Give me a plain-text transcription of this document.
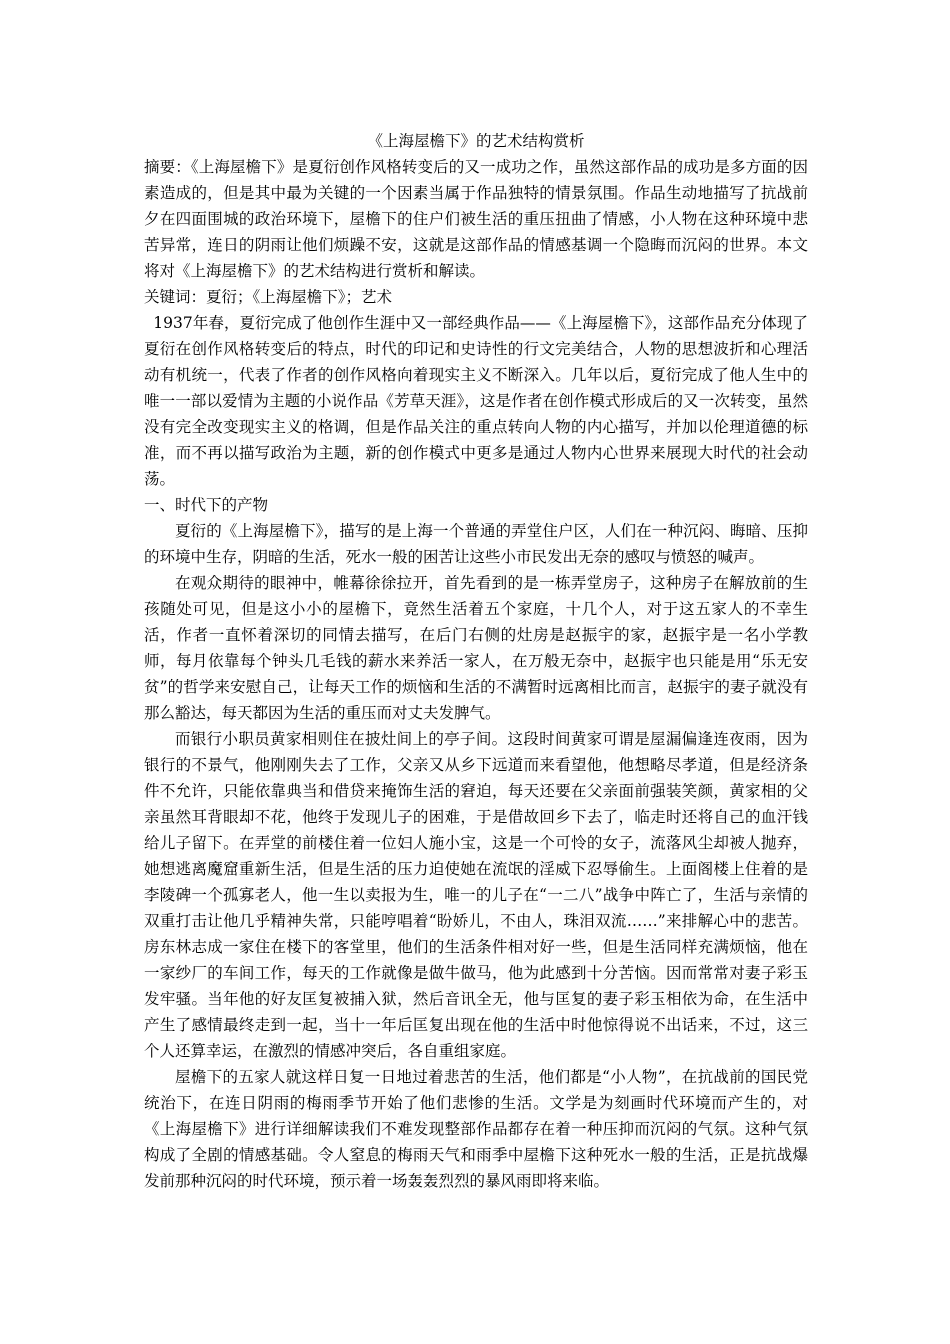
《上海屋檐下》的艺术结构赏析

摘要：《上海屋檐下》是夏衍创作风格转变后的又一成功之作，虽然这部作品的成功是多方面的因素造成的，但是其中最为关键的一个因素当属于作品独特的情景氛围。作品生动地描写了抗战前夕在四面围城的政治环境下，屋檐下的住户们被生活的重压扭曲了情感，小人物在这种环境中悲苦异常，连日的阴雨让他们烦躁不安，这就是这部作品的情感基调一个隐晦而沉闷的世界。本文将对《上海屋檐下》的艺术结构进行赏析和解读。

关键词：夏衍；《上海屋檐下》；艺术

1937年春，夏衍完成了他创作生涯中又一部经典作品——《上海屋檐下》，这部作品充分体现了夏衍在创作风格转变后的特点，时代的印记和史诗性的行文完美结合，人物的思想波折和心理活动有机统一，代表了作者的创作风格向着现实主义不断深入。几年以后，夏衍完成了他人生中的唯一一部以爱情为主题的小说作品《芳草天涯》，这是作者在创作模式形成后的又一次转变，虽然没有完全改变现实主义的格调，但是作品关注的重点转向人物的内心描写，并加以伦理道德的标准，而不再以描写政治为主题，新的创作模式中更多是通过人物内心世界来展现大时代的社会动荡。

一、时代下的产物

夏衍的《上海屋檐下》，描写的是上海一个普通的弄堂住户区，人们在一种沉闷、晦暗、压抑的环境中生存，阴暗的生活，死水一般的困苦让这些小市民发出无奈的感叹与愤怒的喊声。

在观众期待的眼神中，帷幕徐徐拉开，首先看到的是一栋弄堂房子，这种房子在解放前的生孩随处可见，但是这小小的屋檐下，竟然生活着五个家庭，十几个人，对于这五家人的不幸生活，作者一直怀着深切的同情去描写，在后门右侧的灶房是赵振宇的家，赵振宇是一名小学教师，每月依靠每个钟头几毛钱的薪水来养活一家人，在万般无奈中，赵振宇也只能是用“乐无安贫”的哲学来安慰自己，让每天工作的烦恼和生活的不满暂时远离相比而言，赵振宇的妻子就没有那么豁达，每天都因为生活的重压而对丈夫发脾气。

而银行小职员黄家相则住在披灶间上的亭子间。这段时间黄家可谓是屋漏偏逢连夜雨，因为银行的不景气，他刚刚失去了工作，父亲又从乡下远道而来看望他，他想略尽孝道，但是经济条件不允许，只能依靠典当和借贷来掩饰生活的窘迫，每天还要在父亲面前强装笑颜，黄家相的父亲虽然耳背眼却不花，他终于发现儿子的困难，于是借故回乡下去了，临走时还将自己的血汗钱给儿子留下。在弄堂的前楼住着一位妇人施小宝，这是一个可怜的女子，流落风尘却被人抛弃，她想逃离魔窟重新生活，但是生活的压力迫使她在流氓的淫威下忍辱偷生。上面阁楼上住着的是李陵碑一个孤寡老人，他一生以卖报为生，唯一的儿子在“一二八”战争中阵亡了，生活与亲情的双重打击让他几乎精神失常，只能哼唱着“盼娇儿，不由人，珠泪双流……”来排解心中的悲苦。房东林志成一家住在楼下的客堂里，他们的生活条件相对好一些，但是生活同样充满烦恼，他在一家纱厂的车间工作，每天的工作就像是做牛做马，他为此感到十分苦恼。因而常常对妻子彩玉发牢骚。当年他的好友匡复被捕入狱，然后音讯全无，他与匡复的妻子彩玉相依为命，在生活中产生了感情最终走到一起，当十一年后匡复出现在他的生活中时他惊得说不出话来，不过，这三个人还算幸运，在激烈的情感冲突后，各自重组家庭。

屋檐下的五家人就这样日复一日地过着悲苦的生活，他们都是“小人物”，在抗战前的国民党统治下，在连日阴雨的梅雨季节开始了他们悲惨的生活。文学是为刻画时代环境而产生的，对《上海屋檐下》进行详细解读我们不难发现整部作品都存在着一种压抑而沉闷的气氛。这种气氛构成了全剧的情感基础。令人窒息的梅雨天气和雨季中屋檐下这种死水一般的生活，正是抗战爆发前那种沉闷的时代环境，预示着一场轰轰烈烈的暴风雨即将来临。
